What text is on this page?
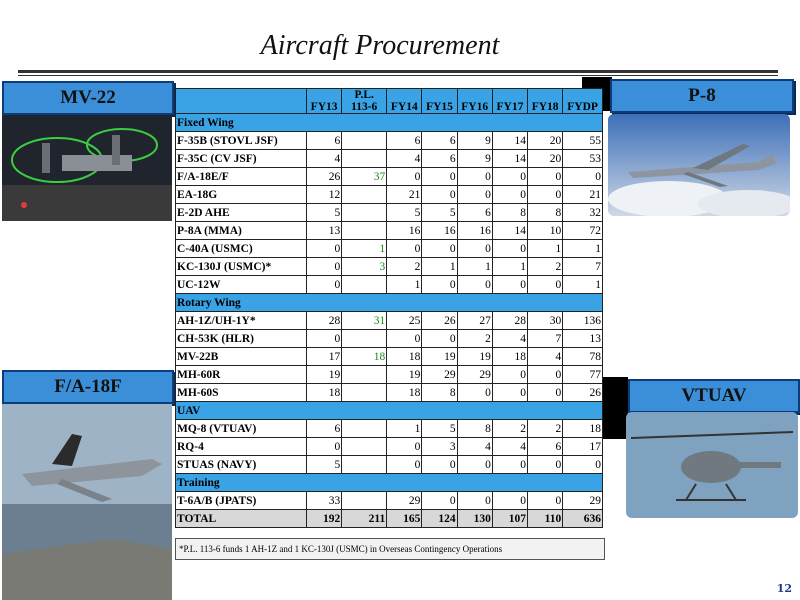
Aircraft Procurement
MV-22	P-8
F/A-18F	VTUAV
	FY13	P.L. 113-6	FY14	FY15	FY16	FY17	FY18	FYDP
Fixed Wing								
F-35B (STOVL JSF)	6		6	6	9	14	20	55
F-35C (CV JSF)	4		4	6	9	14	20	53
F/A-18E/F	26	37	0	0	0	0	0	0
EA-18G	12		21	0	0	0	0	21
E-2D AHE	5		5	5	6	8	8	32
P-8A (MMA)	13		16	16	16	14	10	72
C-40A (USMC)	0	1	0	0	0	0	1	1
KC-130J (USMC)*	0	3	2	1	1	1	2	7
UC-12W	0		1	0	0	0	0	1
Rotary Wing								
AH-1Z/UH-1Y*	28	31	25	26	27	28	30	136
CH-53K (HLR)	0		0	0	2	4	7	13
MV-22B	17	18	18	19	19	18	4	78
MH-60R	19		19	29	29	0	0	77
MH-60S	18		18	8	0	0	0	26
UAV								
MQ-8 (VTUAV)	6		1	5	8	2	2	18
RQ-4	0		0	3	4	4	6	17
STUAS (NAVY)	5		0	0	0	0	0	0
Training								
T-6A/B (JPATS)	33		29	0	0	0	0	29
TOTAL	192	211	165	124	130	107	110	636
*P.L. 113-6 funds 1 AH-1Z and 1 KC-130J (USMC) in Overseas Contingency Operations
12
